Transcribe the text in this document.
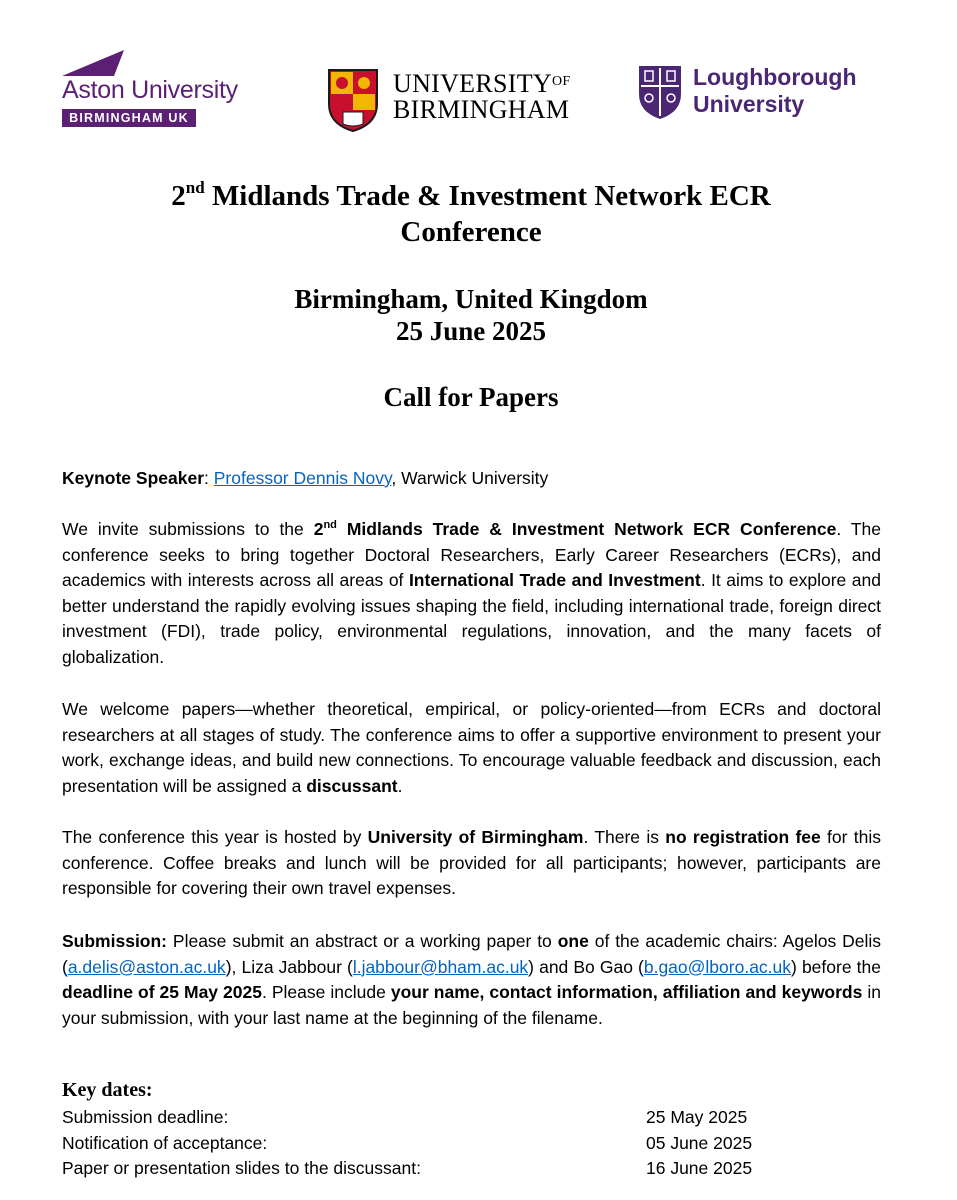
Aston University
BIRMINGHAM UK
$UNIVERSITY^{OF}$
BIRMINGHAM
Loughborough
University
2nd Midlands Trade & Investment Network ECR
Conference
Birmingham, United Kingdom
25 June 2025
Call for Papers

Keynote Speaker: Professor Dennis Novy, Warwick University

We invite submissions to the 2nd Midlands Trade & Investment Network ECR Conference. The conference seeks to bring together Doctoral Researchers, Early Career Researchers (ECRs), and academics with interests across all areas of International Trade and Investment. It aims to explore and better understand the rapidly evolving issues shaping the field, including international trade, foreign direct investment (FDI), trade policy, environmental regulations, innovation, and the many facets of globalization.

We welcome papers—whether theoretical, empirical, or policy-oriented—from ECRs and doctoral researchers at all stages of study. The conference aims to offer a supportive environment to present your work, exchange ideas, and build new connections. To encourage valuable feedback and discussion, each presentation will be assigned a discussant.

The conference this year is hosted by University of Birmingham. There is no registration fee for this conference. Coffee breaks and lunch will be provided for all participants; however, participants are responsible for covering their own travel expenses.

Submission: Please submit an abstract or a working paper to one of the academic chairs: Agelos Delis (a.delis@aston.ac.uk), Liza Jabbour (l.jabbour@bham.ac.uk) and Bo Gao (b.gao@lboro.ac.uk) before the deadline of 25 May 2025. Please include your name, contact information, affiliation and keywords in your submission, with your last name at the beginning of the filename.

Key dates:
Submission deadline:	25 May 2025
Notification of acceptance:	05 June 2025
Paper or presentation slides to the discussant:	16 June 2025
